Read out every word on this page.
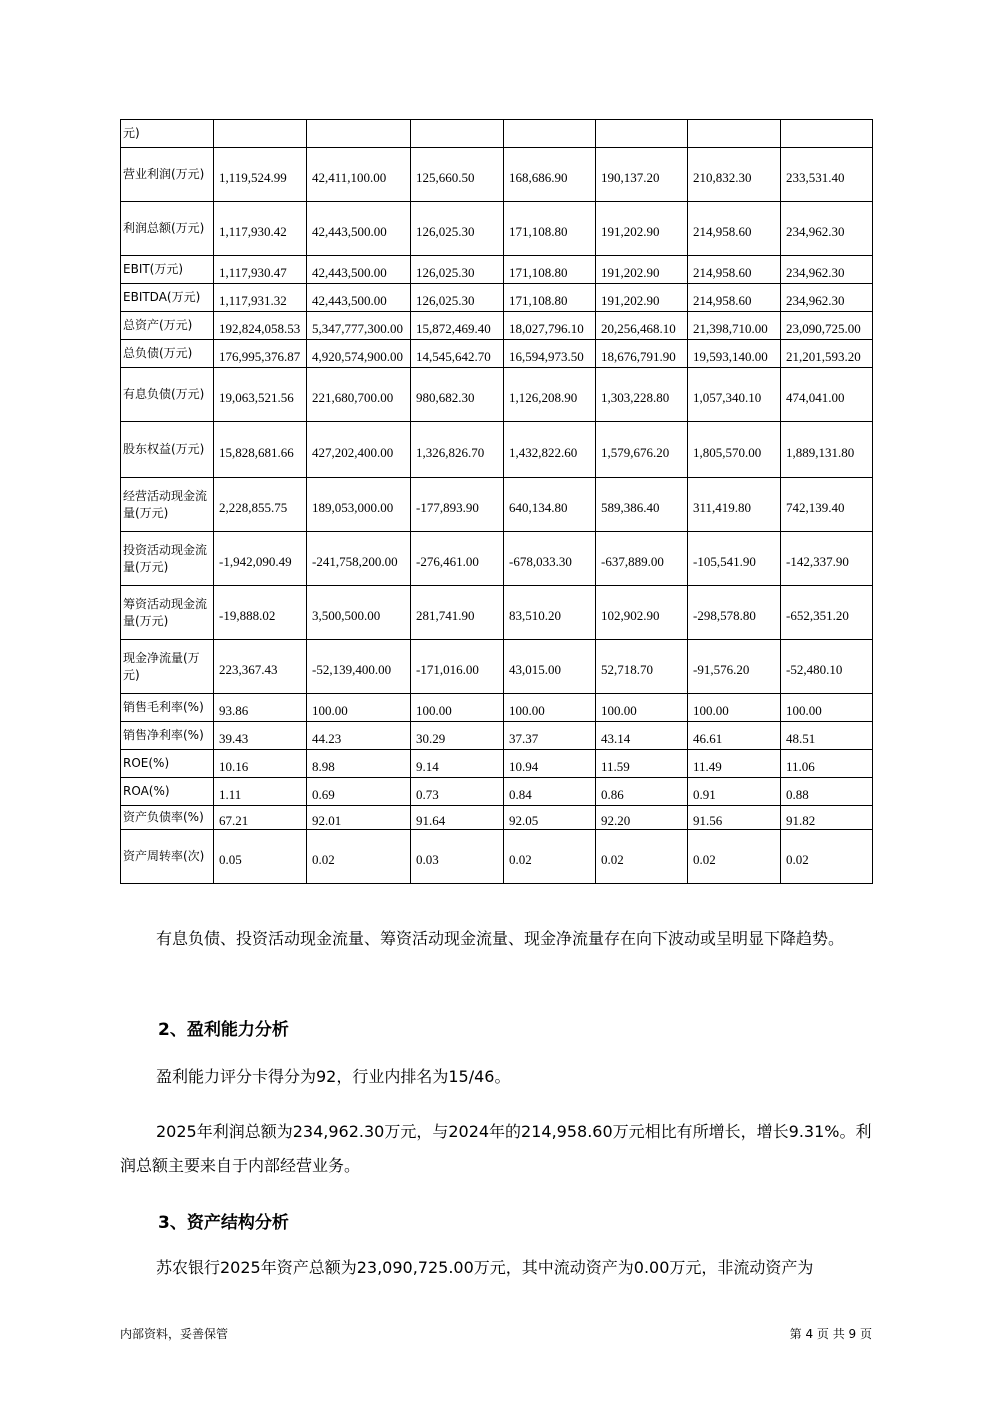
元)							
营业利润(万元)	1,119,524.99	42,411,100.00	125,660.50	168,686.90	190,137.20	210,832.30	233,531.40
利润总额(万元)	1,117,930.42	42,443,500.00	126,025.30	171,108.80	191,202.90	214,958.60	234,962.30
EBIT(万元)	1,117,930.47	42,443,500.00	126,025.30	171,108.80	191,202.90	214,958.60	234,962.30
EBITDA(万元)	1,117,931.32	42,443,500.00	126,025.30	171,108.80	191,202.90	214,958.60	234,962.30
总资产(万元)	192,824,058.53	5,347,777,300.00	15,872,469.40	18,027,796.10	20,256,468.10	21,398,710.00	23,090,725.00
总负债(万元)	176,995,376.87	4,920,574,900.00	14,545,642.70	16,594,973.50	18,676,791.90	19,593,140.00	21,201,593.20
有息负债(万元)	19,063,521.56	221,680,700.00	980,682.30	1,126,208.90	1,303,228.80	1,057,340.10	474,041.00
股东权益(万元)	15,828,681.66	427,202,400.00	1,326,826.70	1,432,822.60	1,579,676.20	1,805,570.00	1,889,131.80
经营活动现金流量(万元)	2,228,855.75	189,053,000.00	-177,893.90	640,134.80	589,386.40	311,419.80	742,139.40
投资活动现金流量(万元)	-1,942,090.49	-241,758,200.00	-276,461.00	-678,033.30	-637,889.00	-105,541.90	-142,337.90
筹资活动现金流量(万元)	-19,888.02	3,500,500.00	281,741.90	83,510.20	102,902.90	-298,578.80	-652,351.20
现金净流量(万元)	223,367.43	-52,139,400.00	-171,016.00	43,015.00	52,718.70	-91,576.20	-52,480.10
销售毛利率(%)	93.86	100.00	100.00	100.00	100.00	100.00	100.00
销售净利率(%)	39.43	44.23	30.29	37.37	43.14	46.61	48.51
ROE(%)	10.16	8.98	9.14	10.94	11.59	11.49	11.06
ROA(%)	1.11	0.69	0.73	0.84	0.86	0.91	0.88
资产负债率(%)	67.21	92.01	91.64	92.05	92.20	91.56	91.82
资产周转率(次)	0.05	0.02	0.03	0.02	0.02	0.02	0.02

有息负债、投资活动现金流量、筹资活动现金流量、现金净流量存在向下波动或呈明显下降趋势。

2、盈利能力分析

盈利能力评分卡得分为92，行业内排名为15/46。

2025年利润总额为234,962.30万元，与2024年的214,958.60万元相比有所增长，增长9.31%。利润总额主要来自于内部经营业务。

3、资产结构分析

苏农银行2025年资产总额为23,090,725.00万元，其中流动资产为0.00万元，非流动资产为

内部资料，妥善保管	第 4 页 共 9 页
